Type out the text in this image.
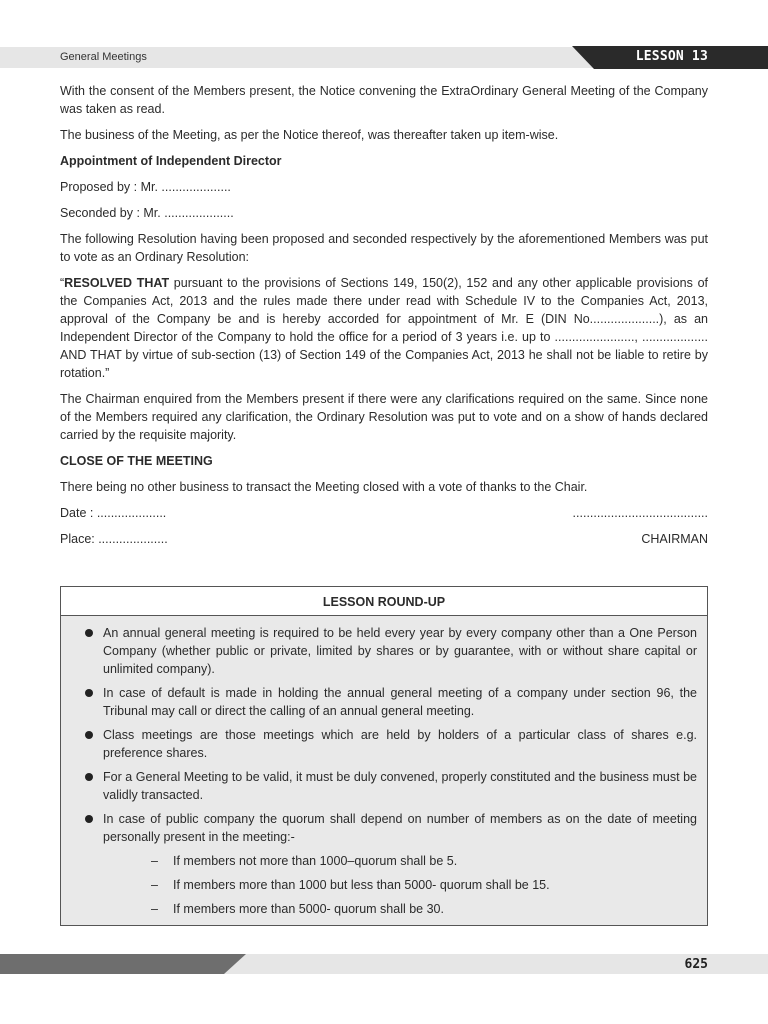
General Meetings	LESSON 13

With the consent of the Members present, the Notice convening the ExtraOrdinary General Meeting of the Company was taken as read.

The business of the Meeting, as per the Notice thereof, was thereafter taken up item-wise.

Appointment of Independent Director

Proposed by : Mr. ....................

Seconded by : Mr. ....................

The following Resolution having been proposed and seconded respectively by the aforementioned Members was put to vote as an Ordinary Resolution:

“RESOLVED THAT pursuant to the provisions of Sections 149, 150(2), 152 and any other applicable provisions of the Companies Act, 2013 and the rules made there under read with Schedule IV to the Companies Act, 2013, approval of the Company be and is hereby accorded for appointment of Mr. E (DIN No....................), as an Independent Director of the Company to hold the office for a period of 3 years i.e. up to ......................., ................... AND THAT by virtue of sub-section (13) of Section 149 of the Companies Act, 2013 he shall not be liable to retire by rotation.”

The Chairman enquired from the Members present if there were any clarifications required on the same. Since none of the Members required any clarification, the Ordinary Resolution was put to vote and on a show of hands declared carried by the requisite majority.

CLOSE OF THE MEETING

There being no other business to transact the Meeting closed with a vote of thanks to the Chair.

Date : ....................	.......................................
Place: ....................	CHAIRMAN
LESSON ROUND-UP
An annual general meeting is required to be held every year by every company other than a One Person Company (whether public or private, limited by shares or by guarantee, with or without share capital or unlimited company).
In case of default is made in holding the annual general meeting of a company under section 96, the Tribunal may call or direct the calling of an annual general meeting.
Class meetings are those meetings which are held by holders of a particular class of shares e.g. preference shares.
For a General Meeting to be valid, it must be duly convened, properly constituted and the business must be validly transacted.
In case of public company the quorum shall depend on number of members as on the date of meeting personally present in the meeting:-
– If members not more than 1000–quorum shall be 5.
– If members more than 1000 but less than 5000- quorum shall be 15.
– If members more than 5000- quorum shall be 30.
625
